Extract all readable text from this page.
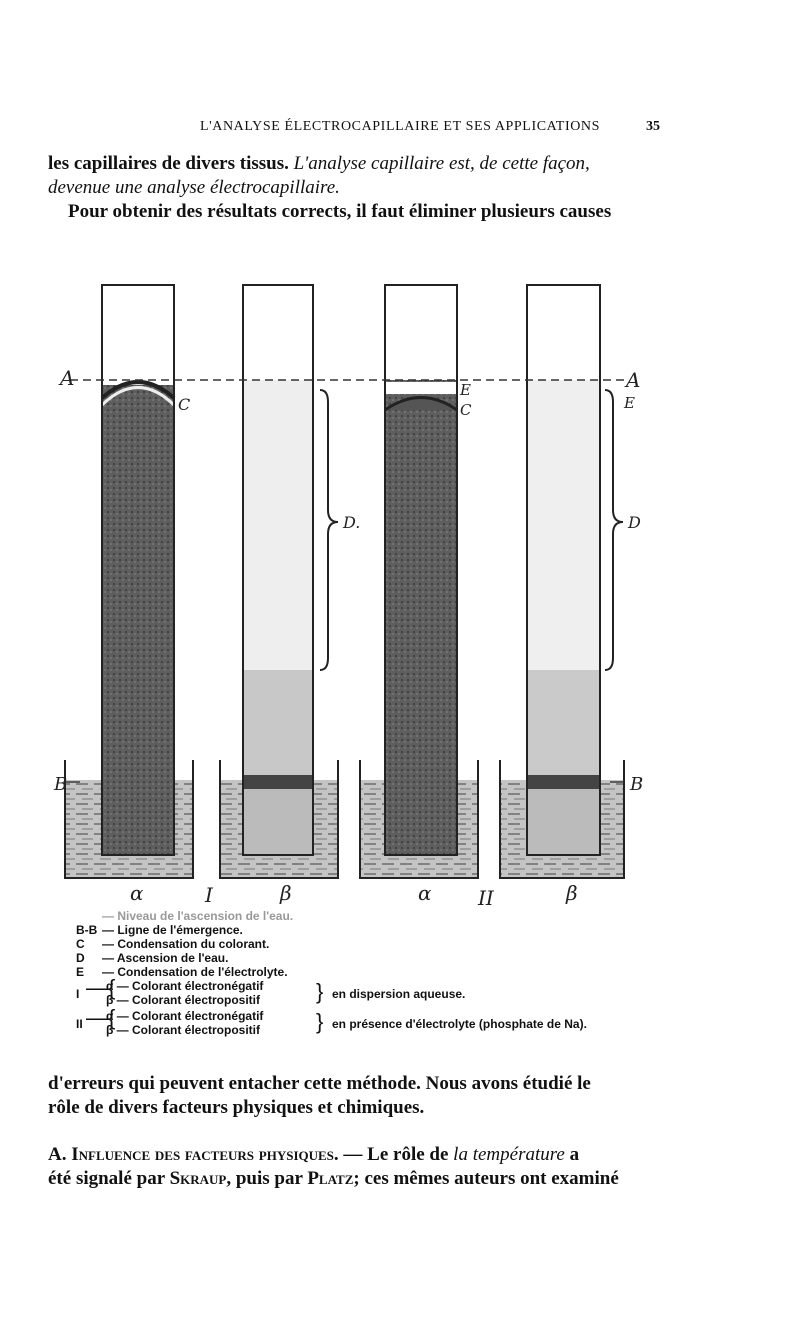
L'ANALYSE ÉLECTROCAPILLAIRE ET SES APPLICATIONS	35

les capillaires de divers tissus. L'analyse capillaire est, de cette façon,
devenue une analyse électrocapillaire.
Pour obtenir des résultats corrects, il faut éliminer plusieurs causes

A	A
B	B
C
E
C	E
D.	D
α	I	β	α II	β
— Niveau de l'ascension de l'eau.
B-B — Ligne de l'émergence.
C — Condensation du colorant.
D — Ascension de l'eau.
E — Condensation de l'électrolyte.
I —{
α — Colorant électronégatif
β — Colorant électropositif	} en dispersion aqueuse.
II —{
α — Colorant électronégatif
β — Colorant électropositif	} en présence d'électrolyte (phosphate de Na).

d'erreurs qui peuvent entacher cette méthode. Nous avons étudié le
rôle de divers facteurs physiques et chimiques.

A. Influence des facteurs physiques. — Le rôle de la température a
été signalé par Skraup, puis par Platz; ces mêmes auteurs ont examiné
